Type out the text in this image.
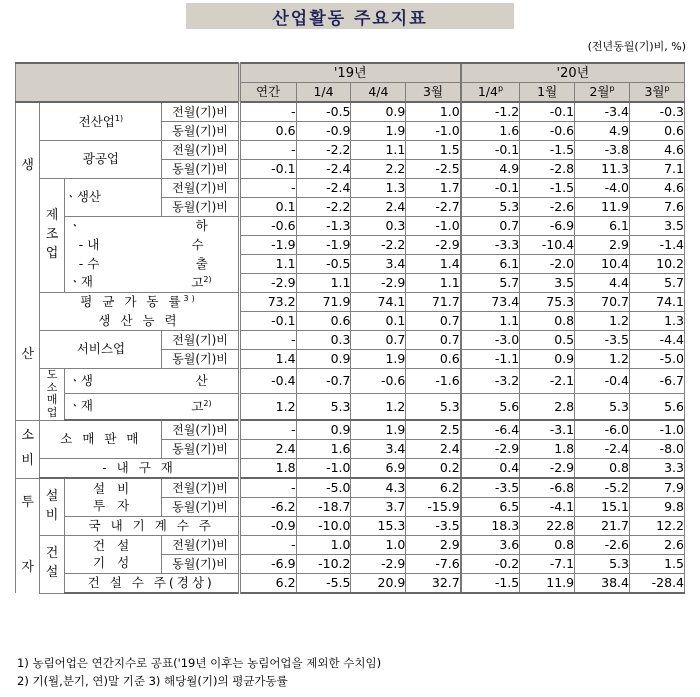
산업활동 주요지표
(전년동월(기)비, %)
				'19년				'20년			
				연간	1/4	4/4	3월	1/4$^p$	1월	2월$^p$	3월$^p$

생
산	전산업$^{1)}$		전월(기)비	-	-0.5	0.9	1.0	-1.2	-0.1	-3.4	-0.3
			동월(기)비	0.6	-0.9	1.9	-1.0	1.6	-0.6	4.9	0.6
	광공업		전월(기)비	-	-2.2	1.1	1.5	-0.1	-1.5	-3.8	4.6
			동월(기)비	-0.1	-2.4	2.2	-2.5	4.9	-2.8	11.3	7.1

	제
조
업	ㆍ생산	전월(기)비	-	-2.4	1.3	1.7	-0.1	-1.5	-4.0	4.6
			동월(기)비	0.1	-2.2	2.4	-2.7	5.3	-2.6	11.9	7.6

		ㆍ 하		-0.6	-1.3	0.3	-1.0	0.7	-6.9	6.1	3.5

		- 내 수		-1.9	-1.9	-2.2	-2.9	-3.3	-10.4	2.9	-1.4

		- 수 출		1.1	-0.5	3.4	1.4	6.1	-2.0	10.4	10.2

		ㆍ재 고$^{2)}$		-2.9	1.1	-2.9	1.1	5.7	3.5	4.4	5.7
	평 균 가 동 률$^{3)}$			73.2	71.9	74.1	71.7	73.4	75.3	70.7	74.1
	생 산 능 력			-0.1	0.6	0.1	0.7	1.1	0.8	1.2	1.3
	서비스업		전월(기)비	-	0.3	0.7	0.7	-3.0	0.5	-3.5	-4.4
			동월(기)비	1.4	0.9	1.9	0.6	-1.1	0.9	1.2	-5.0

	도
소
매
업	ㆍ생 산		-0.4	-0.7	-0.6	-1.6	-3.2	-2.1	-0.4	-6.7

		ㆍ재 고$^{2)}$		1.2	5.3	1.2	5.3	5.6	2.8	5.3	5.6

소
비	소 매 판 매		전월(기)비	-	0.9	1.9	2.5	-6.4	-3.1	-6.0	-1.0
			동월(기)비	2.4	1.6	3.4	2.4	-2.9	1.8	-2.4	-8.0
	- 내 구 재			1.8	-1.0	6.9	0.2	0.4	-2.9	0.8	3.3

투
자	설
비	설 비
투 자	전월(기)비	-	-5.0	4.3	6.2	-3.5	-6.8	-5.2	7.9
			동월(기)비	-6.2	-18.7	3.7	-15.9	6.5	-4.1	15.1	9.8
		국 내 기 계 수 주		-0.9	-10.0	15.3	-3.5	18.3	22.8	21.7	12.2

	건
설	건 설
기 성	전월(기)비	-	1.0	1.0	2.9	3.6	0.8	-2.6	2.6
			동월(기)비	-6.9	-10.2	-2.9	-7.6	-0.2	-7.1	5.3	1.5
		건 설 수 주(경상)		6.2	-5.5	20.9	32.7	-1.5	11.9	38.4	-28.4
1) 농림어업은 연간지수로 공표('19년 이후는 농림어업을 제외한 수치임)
2) 기(월,분기, 연)말 기준 3) 해당월(기)의 평균가동률
